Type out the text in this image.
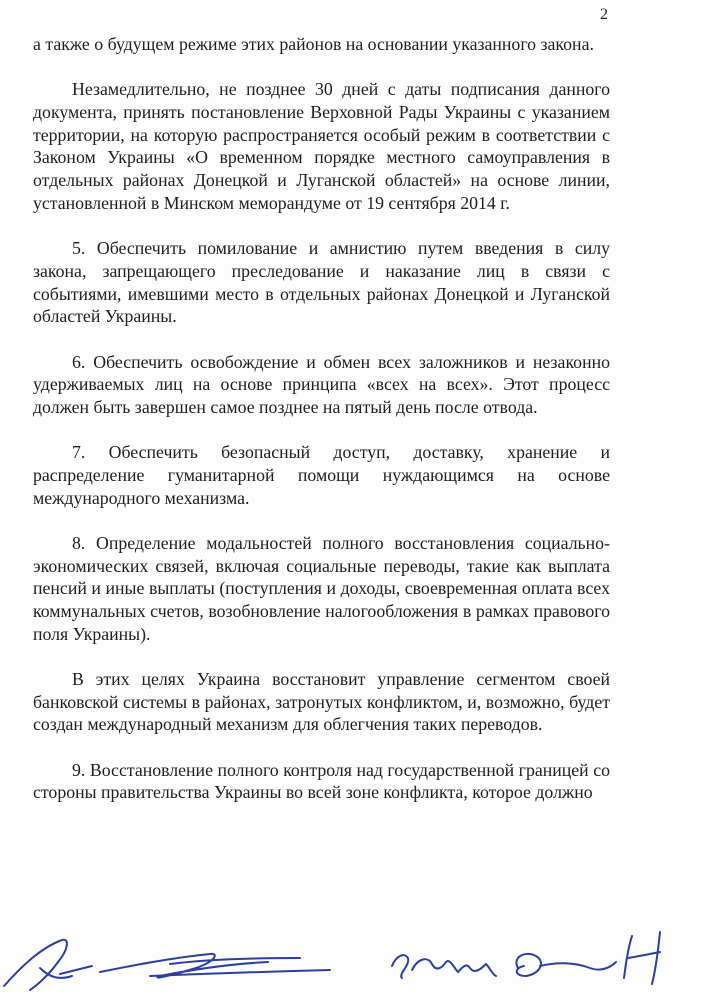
2

а также о будущем режиме этих районов на основании указанного закона.

Незамедлительно, не позднее 30 дней с даты подписания данного документа, принять постановление Верховной Рады Украины с указанием территории, на которую распространяется особый режим в соответствии с Законом Украины «О временном порядке местного самоуправления в отдельных районах Донецкой и Луганской областей» на основе линии, установленной в Минском меморандуме от 19 сентября 2014 г.

5. Обеспечить помилование и амнистию путем введения в силу закона, запрещающего преследование и наказание лиц в связи с событиями, имевшими место в отдельных районах Донецкой и Луганской областей Украины.

6. Обеспечить освобождение и обмен всех заложников и незаконно удерживаемых лиц на основе принципа «всех на всех». Этот процесс должен быть завершен самое позднее на пятый день после отвода.

7. Обеспечить безопасный доступ, доставку, хранение и распределение гуманитарной помощи нуждающимся на основе международного механизма.

8. Определение модальностей полного восстановления социально-экономических связей, включая социальные переводы, такие как выплата пенсий и иные выплаты (поступления и доходы, своевременная оплата всех коммунальных счетов, возобновление налогообложения в рамках правового поля Украины).

В этих целях Украина восстановит управление сегментом своей банковской системы в районах, затронутых конфликтом, и, возможно, будет создан международный механизм для облегчения таких переводов.

9. Восстановление полного контроля над государственной границей со стороны правительства Украины во всей зоне конфликта, которое должно
